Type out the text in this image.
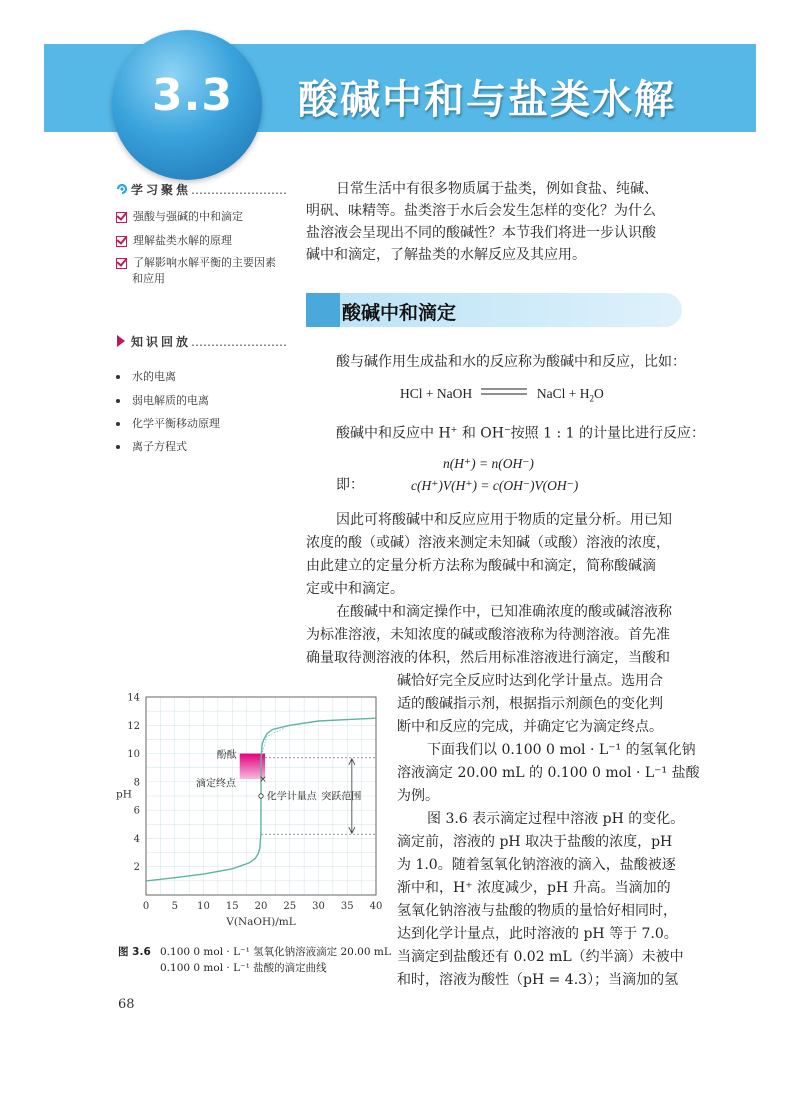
3.3 酸碱中和与盐类水解
学习聚焦……………………
强酸与强碱的中和滴定
理解盐类水解的原理
了解影响水解平衡的主要因素
和应用
知识回放……………………
水的电离
弱电解质的电离
化学平衡移动原理
离子方程式
日常生活中有很多物质属于盐类，例如食盐、纯碱、
明矾、味精等。盐类溶于水后会发生怎样的变化？为什么
盐溶液会呈现出不同的酸碱性？本节我们将进一步认识酸
碱中和滴定，了解盐类的水解反应及其应用。
酸碱中和滴定
酸与碱作用生成盐和水的反应称为酸碱中和反应，比如：
HCl + NaOH	NaCl + $H_2O$
酸碱中和反应中 H+ 和 OH−按照 1 : 1 的计量比进行反应：
n(H⁺) = n(OH⁻)
即：	c(H⁺)V(H⁺) = c(OH⁻)V(OH⁻)
因此可将酸碱中和反应应用于物质的定量分析。用已知
浓度的酸（或碱）溶液来测定未知碱（或酸）溶液的浓度，
由此建立的定量分析方法称为酸碱中和滴定，简称酸碱滴
定或中和滴定。
在酸碱中和滴定操作中，已知准确浓度的酸或碱溶液称
为标准溶液，未知浓度的碱或酸溶液称为待测溶液。首先准
确量取待测溶液的体积，然后用标准溶液进行滴定，当酸和
碱恰好完全反应时达到化学计量点。选用合
适的酸碱指示剂，根据指示剂颜色的变化判
断中和反应的完成，并确定它为滴定终点。
下面我们以 0.100 0 mol · L⁻¹ 的氢氧化钠
溶液滴定 20.00 mL 的 0.100 0 mol · L⁻¹ 盐酸
为例。
图 3.6 表示滴定过程中溶液 pH 的变化。
滴定前，溶液的 pH 取决于盐酸的浓度，pH
为 1.0。随着氢氧化钠溶液的滴入，盐酸被逐
渐中和，H⁺ 浓度减少，pH 升高。当滴加的
氢氧化钠溶液与盐酸的物质的量恰好相同时，
达到化学计量点，此时溶液的 pH 等于 7.0。
当滴定到盐酸还有 0.02 mL（约半滴）未被中
和时，溶液为酸性（pH = 4.3）；当滴加的氢
×
酚酞
滴定终点
化学计量点 突跃范围
0 5 10 15 20 25 30 35 40
2
4
6
8
10
12
14
V(NaOH)/mL
pH
图 3.6 0.100 0 mol · L⁻¹ 氢氧化钠溶液滴定 20.00 mL
0.100 0 mol · L⁻¹ 盐酸的滴定曲线
68
